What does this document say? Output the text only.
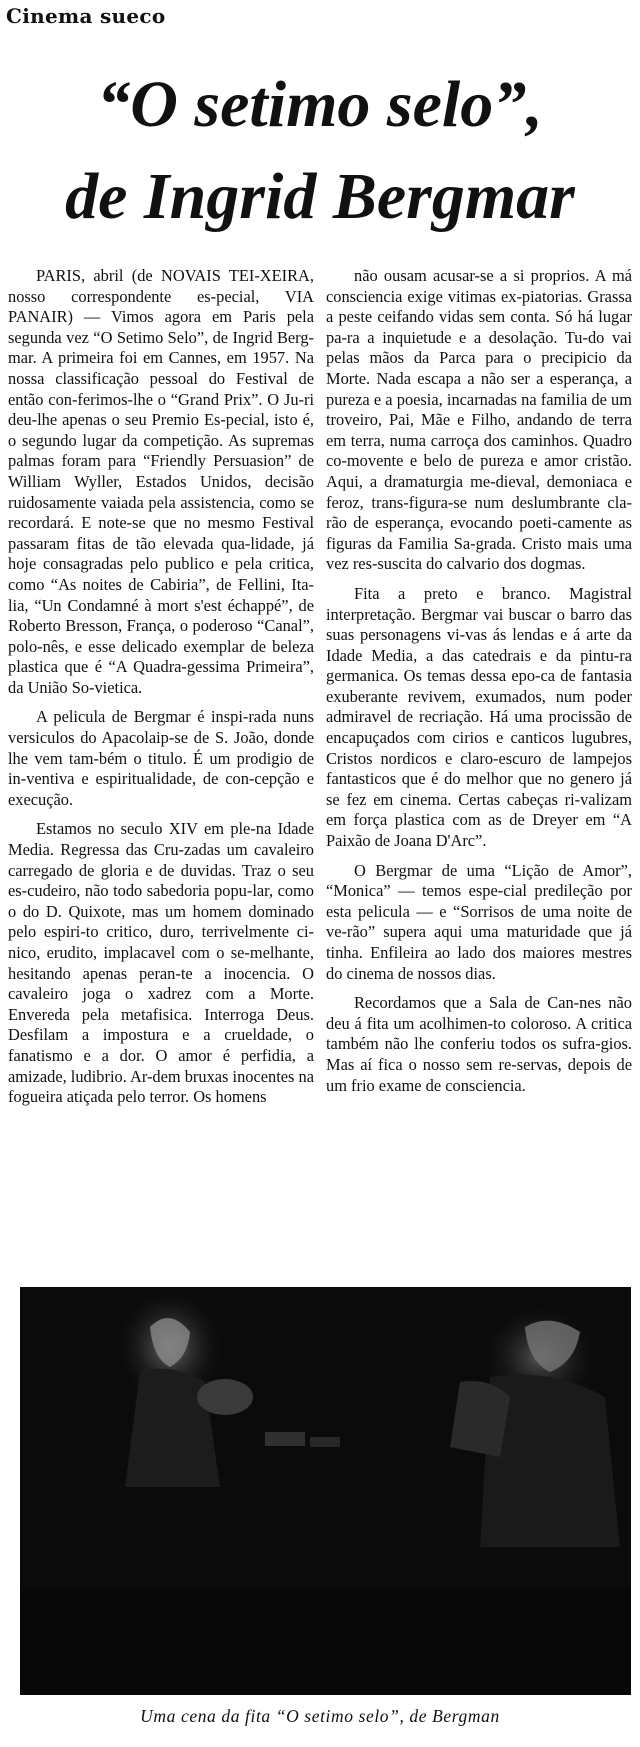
Cinema sueco
“O setimo selo”,
de Ingrid Bergmar

PARIS, abril (de NOVAIS TEI-XEIRA, nosso correspondente es-pecial, VIA PANAIR) — Vimos agora em Paris pela segunda vez “O Setimo Selo”, de Ingrid Berg-mar. A primeira foi em Cannes, em 1957. Na nossa classificação pessoal do Festival de então con-ferimos-lhe o “Grand Prix”. O Ju-ri deu-lhe apenas o seu Premio Es-pecial, isto é, o segundo lugar da competição. As supremas palmas foram para “Friendly Persuasion” de William Wyller, Estados Unidos, decisão ruidosamente vaiada pela assistencia, como se recordará. E note-se que no mesmo Festival passaram fitas de tão elevada qua-lidade, já hoje consagradas pelo publico e pela critica, como “As noites de Cabiria”, de Fellini, Ita-lia, “Un Condamné à mort s'est échappé”, de Roberto Bresson, França, o poderoso “Canal”, polo-nês, e esse delicado exemplar de beleza plastica que é “A Quadra-gessima Primeira”, da União So-vietica.

A pelicula de Bergmar é inspi-rada nuns versiculos do Apacolaip-se de S. João, donde lhe vem tam-bém o titulo. É um prodigio de in-ventiva e espiritualidade, de con-cepção e execução.

Estamos no seculo XIV em ple-na Idade Media. Regressa das Cru-zadas um cavaleiro carregado de gloria e de duvidas. Traz o seu es-cudeiro, não todo sabedoria popu-lar, como o do D. Quixote, mas um homem dominado pelo espiri-to critico, duro, terrivelmente ci-nico, erudito, implacavel com o se-melhante, hesitando apenas peran-te a inocencia. O cavaleiro joga o xadrez com a Morte. Envereda pela metafisica. Interroga Deus. Desfilam a impostura e a crueldade, o fanatismo e a dor. O amor é perfidia, a amizade, ludibrio. Ar-dem bruxas inocentes na fogueira atiçada pelo terror. Os homens

não ousam acusar-se a si proprios. A má consciencia exige vitimas ex-piatorias. Grassa a peste ceifando vidas sem conta. Só há lugar pa-ra a inquietude e a desolação. Tu-do vai pelas mãos da Parca para o precipicio da Morte. Nada escapa a não ser a esperança, a pureza e a poesia, incarnadas na familia de um troveiro, Pai, Mãe e Filho, andando de terra em terra, numa carroça dos caminhos. Quadro co-movente e belo de pureza e amor cristão. Aqui, a dramaturgia me-dieval, demoniaca e feroz, trans-figura-se num deslumbrante cla-rão de esperança, evocando poeti-camente as figuras da Familia Sa-grada. Cristo mais uma vez res-suscita do calvario dos dogmas.

Fita a preto e branco. Magistral interpretação. Bergmar vai buscar o barro das suas personagens vi-vas ás lendas e á arte da Idade Media, a das catedrais e da pintu-ra germanica. Os temas dessa epo-ca de fantasia exuberante revivem, exumados, num poder admiravel de recriação. Há uma procissão de encapuçados com cirios e canticos lugubres, Cristos nordicos e claro-escuro de lampejos fantasticos que é do melhor que no genero já se fez em cinema. Certas cabeças ri-valizam em força plastica com as de Dreyer em “A Paixão de Joana D'Arc”.

O Bergmar de uma “Lição de Amor”, “Monica” — temos espe-cial predileção por esta pelicula — e “Sorrisos de uma noite de ve-rão” supera aqui uma maturidade que já tinha. Enfileira ao lado dos maiores mestres do cinema de nossos dias.

Recordamos que a Sala de Can-nes não deu á fita um acolhimen-to coloroso. A critica também não lhe conferiu todos os sufra-gios. Mas aí fica o nosso sem re-servas, depois de um frio exame de consciencia.

Uma cena da fita “O setimo selo”, de Bergman
